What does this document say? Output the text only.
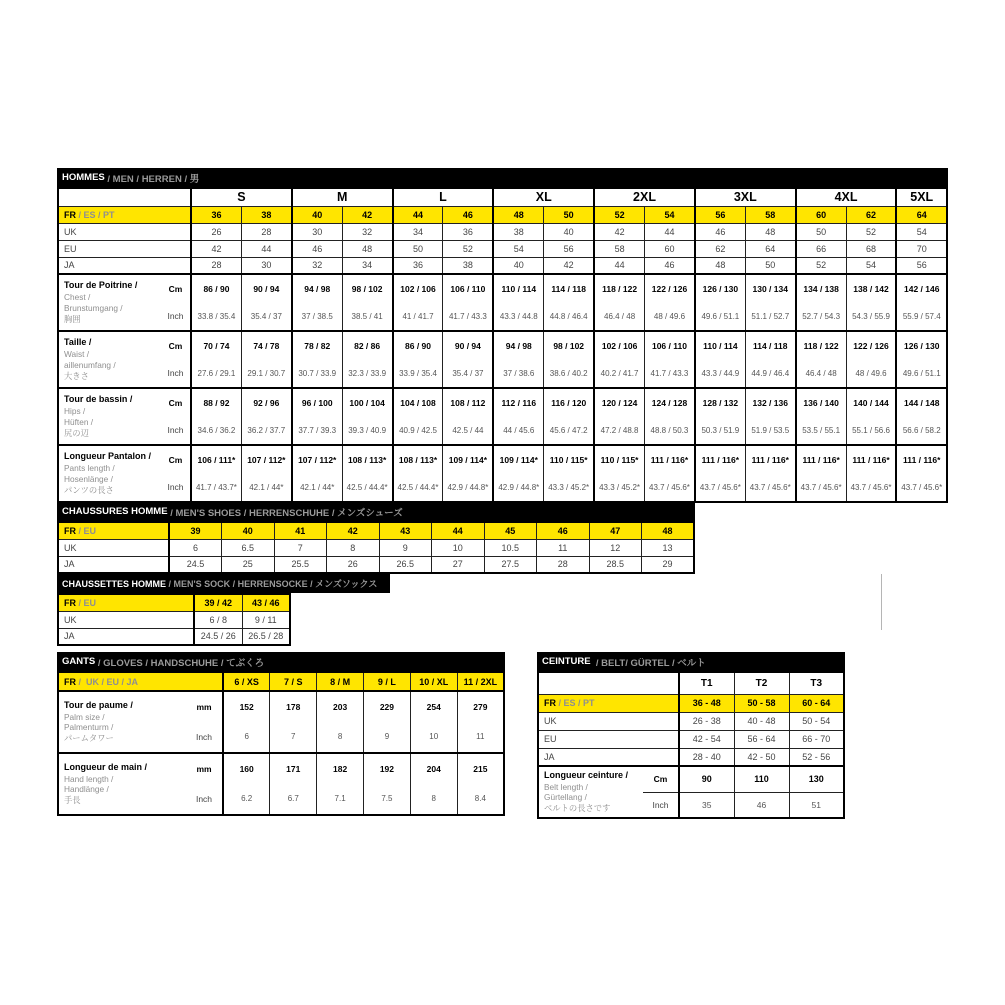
HOMMES / MEN / HERREN / 男
		S		M		L		XL		2XL		3XL		4XL		5XL
FR / ES / PT		36	38	40	42	44	46	48	50	52	54	56	58	60	62	64
UK		26	28	30	32	34	36	38	40	42	44	46	48	50	52	54
EU		42	44	46	48	50	52	54	56	58	60	62	64	66	68	70
JA		28	30	32	34	36	38	40	42	44	46	48	50	52	54	56

Tour de Poitrine /
Chest /
Brunstumgang /
胸囲	Cm	86 / 90	90 / 94	94 / 98	98 / 102	102 / 106	106 / 110	110 / 114	114 / 118	118 / 122	122 / 126	126 / 130	130 / 134	134 / 138	138 / 142	142 / 146
	Inch	33.8 / 35.4	35.4 / 37	37 / 38.5	38.5 / 41	41 / 41.7	41.7 / 43.3	43.3 / 44.8	44.8 / 46.4	46.4 / 48	48 / 49.6	49.6 / 51.1	51.1 / 52.7	52.7 / 54.3	54.3 / 55.9	55.9 / 57.4

Taille /
Waist /
aillenumfang /
大きさ	Cm	70 / 74	74 / 78	78 / 82	82 / 86	86 / 90	90 / 94	94 / 98	98 / 102	102 / 106	106 / 110	110 / 114	114 / 118	118 / 122	122 / 126	126 / 130
	Inch	27.6 / 29.1	29.1 / 30.7	30.7 / 33.9	32.3 / 33.9	33.9 / 35.4	35.4 / 37	37 / 38.6	38.6 / 40.2	40.2 / 41.7	41.7 / 43.3	43.3 / 44.9	44.9 / 46.4	46.4 / 48	48 / 49.6	49.6 / 51.1

Tour de bassin /
Hips /
Hüften /
尻の辺	Cm	88 / 92	92 / 96	96 / 100	100 / 104	104 / 108	108 / 112	112 / 116	116 / 120	120 / 124	124 / 128	128 / 132	132 / 136	136 / 140	140 / 144	144 / 148
	Inch	34.6 / 36.2	36.2 / 37.7	37.7 / 39.3	39.3 / 40.9	40.9 / 42.5	42.5 / 44	44 / 45.6	45.6 / 47.2	47.2 / 48.8	48.8 / 50.3	50.3 / 51.9	51.9 / 53.5	53.5 / 55.1	55.1 / 56.6	56.6 / 58.2

Longueur Pantalon /
Pants length /
Hosenlänge /
パンツの長さ	Cm	106 / 111*	107 / 112*	107 / 112*	108 / 113*	108 / 113*	109 / 114*	109 / 114*	110 / 115*	110 / 115*	111 / 116*	111 / 116*	111 / 116*	111 / 116*	111 / 116*	111 / 116*
	Inch	41.7 / 43.7*	42.1 / 44*	42.1 / 44*	42.5 / 44.4*	42.5 / 44.4*	42.9 / 44.8*	42.9 / 44.8*	43.3 / 45.2*	43.3 / 45.2*	43.7 / 45.6*	43.7 / 45.6*	43.7 / 45.6*	43.7 / 45.6*	43.7 / 45.6*	43.7 / 45.6*
CHAUSSURES HOMME / MEN'S SHOES / HERRENSCHUHE / メンズシューズ
FR / EU	39	40	41	42	43	44	45	46	47	48
UK	6	6.5	7	8	9	10	10.5	11	12	13
JA	24.5	25	25.5	26	26.5	27	27.5	28	28.5	29
CHAUSSETTES HOMME / MEN'S SOCK / HERRENSOCKE / メンズソックス
FR / EU	39 / 42	43 / 46
UK	6 / 8	9 / 11
JA	24.5 / 26	26.5 / 28
GANTS / GLOVES / HANDSCHUHE / てぶくろ
FR /  UK / EU / JA		6 / XS	7 / S	8 / M	9 / L	10 / XL	11 / 2XL

Tour de paume /
Palm size /
Palmenturm /
パームタワー	mm	152	178	203	229	254	279
	Inch	6	7	8	9	10	11

Longueur de main /
Hand length /
Handlänge /
手長	mm	160	171	182	192	204	215
	Inch	6.2	6.7	7.1	7.5	8	8.4
CEINTURE / BELT/ GÜRTEL / ベルト
		T1	T2	T3
FR / ES / PT		36 - 48	50 - 58	60 - 64
UK		26 - 38	40 - 48	50 - 54
EU		42 - 54	56 - 64	66 - 70
JA		28 - 40	42 - 50	52 - 56

Longueur ceinture /
Belt length /
Gürtellang /
ベルトの長さです	Cm	90	110	130
	Inch	35	46	51
